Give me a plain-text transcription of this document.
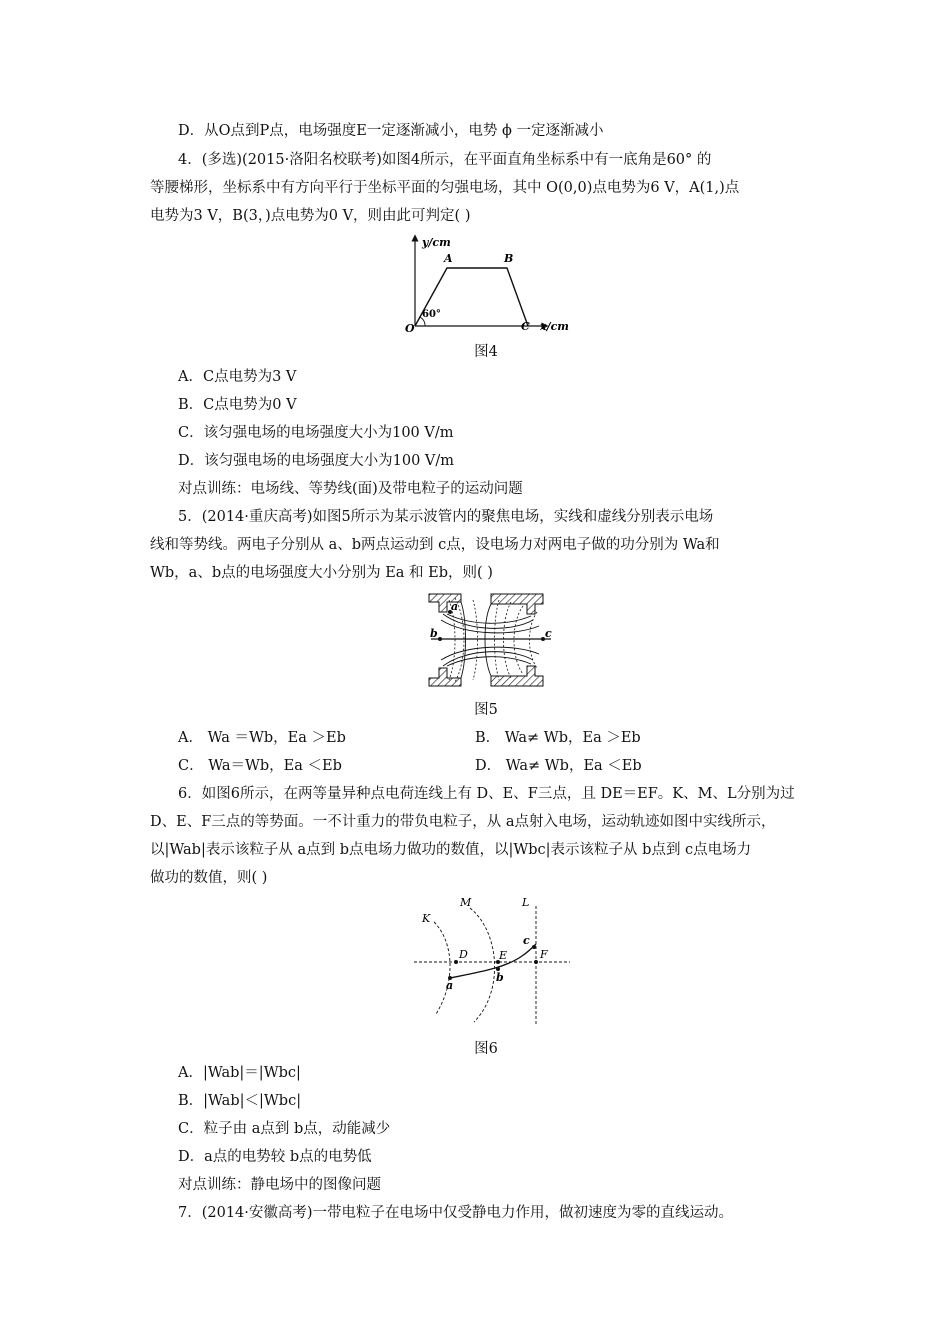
D．从O点到P点，电场强度E一定逐渐减小，电势 ϕ 一定逐渐减小
4．(多选)(2015·洛阳名校联考)如图4所示，在平面直角坐标系中有一底角是60° 的
等腰梯形，坐标系中有方向平行于坐标平面的匀强电场，其中 O(0,0)点电势为6 V，A(1,)点
电势为3 V，B(3，)点电势为0 V，则由此可判定( )
y/cm
x/cm
O
A	B
C
60°
图4
A．C点电势为3 V
B．C点电势为0 V
C．该匀强电场的电场强度大小为100 V/m
D．该匀强电场的电场强度大小为100 V/m
对点训练：电场线、等势线(面)及带电粒子的运动问题
5．(2014·重庆高考)如图5所示为某示波管内的聚焦电场，实线和虚线分别表示电场
线和等势线。两电子分别从 a、b两点运动到 c点，设电场力对两电子做的功分别为 Wa和
Wb，a、b点的电场强度大小分别为 Ea 和 Eb，则( )
a
b	c
图5
A． Wa ＝Wb，Ea ＞Eb	B． Wa≠ Wb，Ea ＞Eb
C． Wa＝Wb，Ea ＜Eb	D． Wa≠ Wb，Ea ＜Eb
6．如图6所示，在两等量异种点电荷连线上有 D、E、F三点，且 DE＝EF。K、M、L分别为过
D、E、F三点的等势面。一不计重力的带负电粒子，从 a点射入电场，运动轨迹如图中实线所示，
以|Wab|表示该粒子从 a点到 b点电场力做功的数值，以|Wbc|表示该粒子从 b点到 c点电场力
做功的数值，则( )
K
M	L
D	E	F
a
b
c
图6
A．|Wab|＝|Wbc|
B．|Wab|＜|Wbc|
C．粒子由 a点到 b点，动能减少
D．a点的电势较 b点的电势低
对点训练：静电场中的图像问题
7．(2014·安徽高考)一带电粒子在电场中仅受静电力作用，做初速度为零的直线运动。
